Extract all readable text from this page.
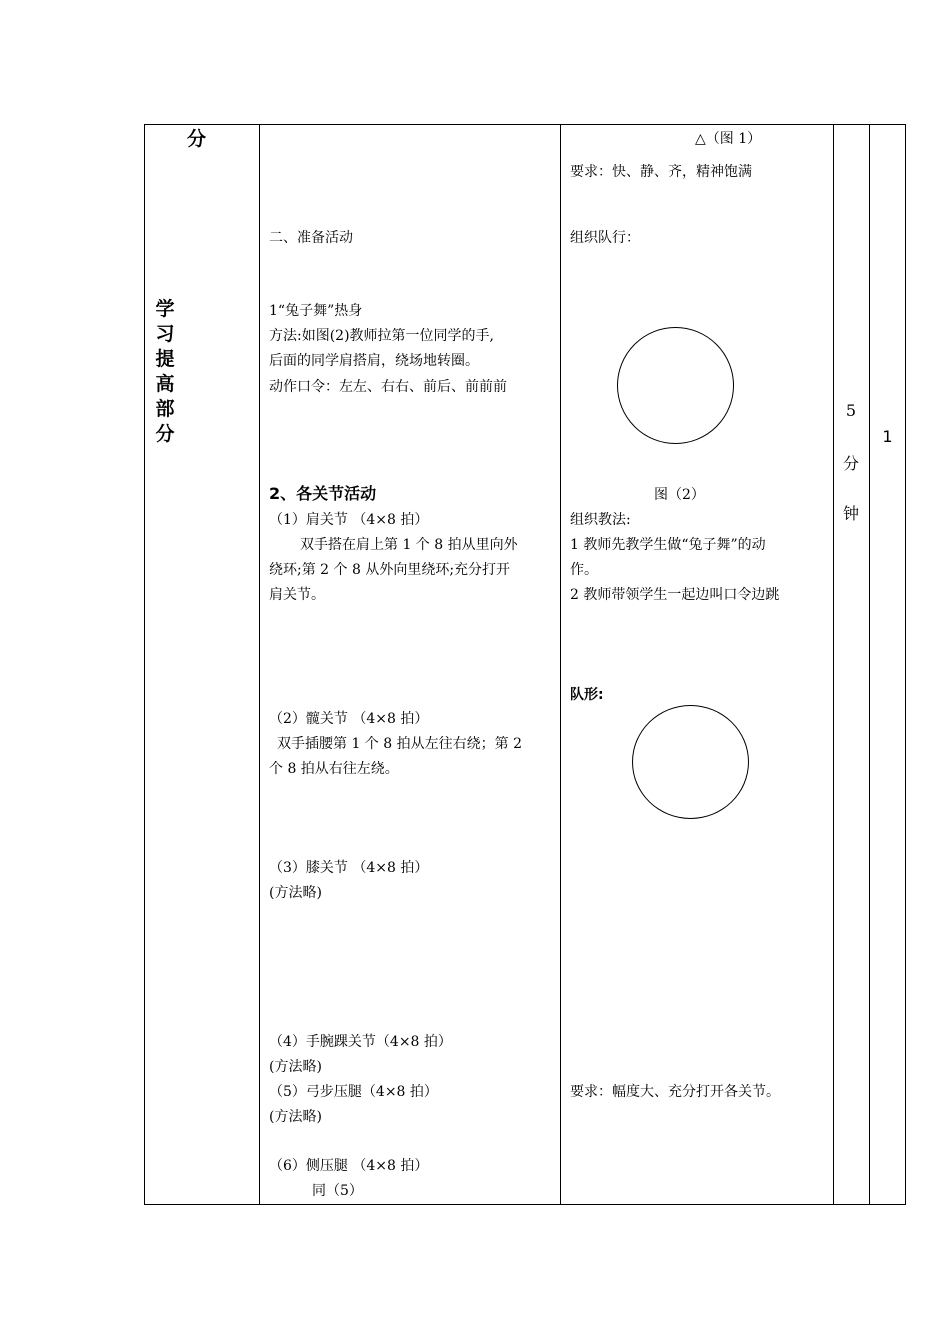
分
学
习
提
高
部
分
二、准备活动
1“兔子舞”热身
方法:如图(2)教师拉第一位同学的手,
后面的同学肩搭肩，绕场地转圈。
动作口令：左左、右右、前后、前前前
2、各关节活动
（1）肩关节 （4×8 拍）
双手搭在肩上第 1 个 8 拍从里向外
绕环;第 2 个 8 从外向里绕环;充分打开
肩关节。
（2）髋关节 （4×8 拍）
双手插腰第 1 个 8 拍从左往右绕；第 2
个 8 拍从右往左绕。
（3）膝关节 （4×8 拍）
(方法略)
（4）手腕踝关节（4×8 拍）
(方法略)
（5）弓步压腿（4×8 拍）
(方法略)
（6）侧压腿 （4×8 拍）
同（5）
△（图 1）
要求：快、静、齐，精神饱满
组织队行：
图（2）
组织教法:
1 教师先教学生做“兔子舞”的动
作。
2 教师带领学生一起边叫口令边跳
队形:
要求：幅度大、充分打开各关节。
5
分
钟
1
